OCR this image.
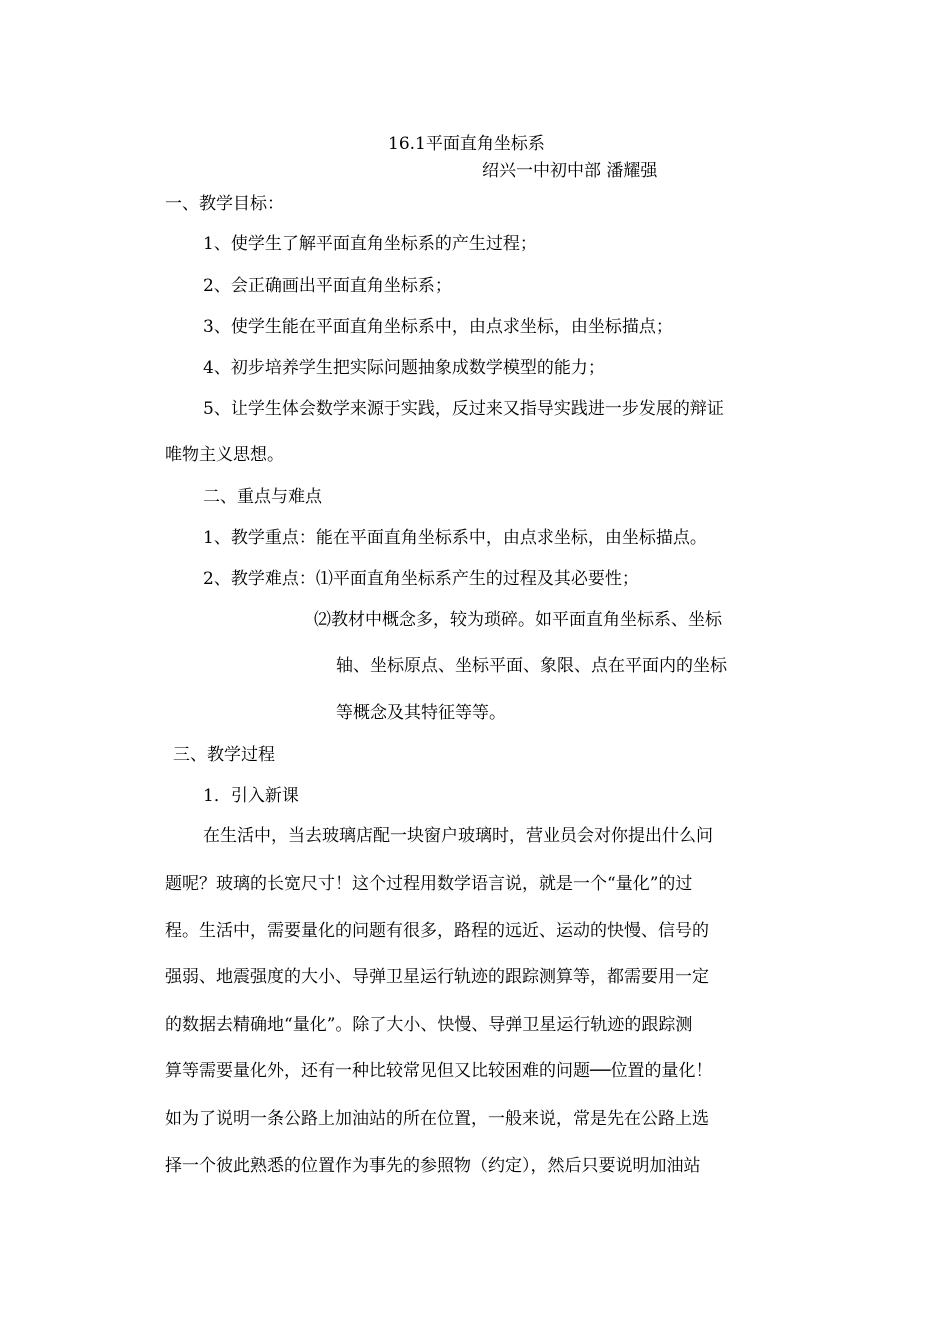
16.1平面直角坐标系
绍兴一中初中部 潘耀强
一、教学目标：
1、使学生了解平面直角坐标系的产生过程；
2、会正确画出平面直角坐标系；
3、使学生能在平面直角坐标系中，由点求坐标，由坐标描点；
4、初步培养学生把实际问题抽象成数学模型的能力；
5、让学生体会数学来源于实践，反过来又指导实践进一步发展的辩证
唯物主义思想。
二、重点与难点
1、教学重点：能在平面直角坐标系中，由点求坐标，由坐标描点。
2、教学难点：⑴平面直角坐标系产生的过程及其必要性；
⑵教材中概念多，较为琐碎。如平面直角坐标系、坐标
轴、坐标原点、坐标平面、象限、点在平面内的坐标
等概念及其特征等等。
三、教学过程
1．引入新课
在生活中，当去玻璃店配一块窗户玻璃时，营业员会对你提出什么问
题呢？玻璃的长宽尺寸！这个过程用数学语言说，就是一个“量化”的过
程。生活中，需要量化的问题有很多，路程的远近、运动的快慢、信号的
强弱、地震强度的大小、导弹卫星运行轨迹的跟踪测算等，都需要用一定
的数据去精确地“量化”。除了大小、快慢、导弹卫星运行轨迹的跟踪测
算等需要量化外，还有一种比较常见但又比较困难的问题──位置的量化！
如为了说明一条公路上加油站的所在位置，一般来说，常是先在公路上选
择一个彼此熟悉的位置作为事先的参照物（约定），然后只要说明加油站
